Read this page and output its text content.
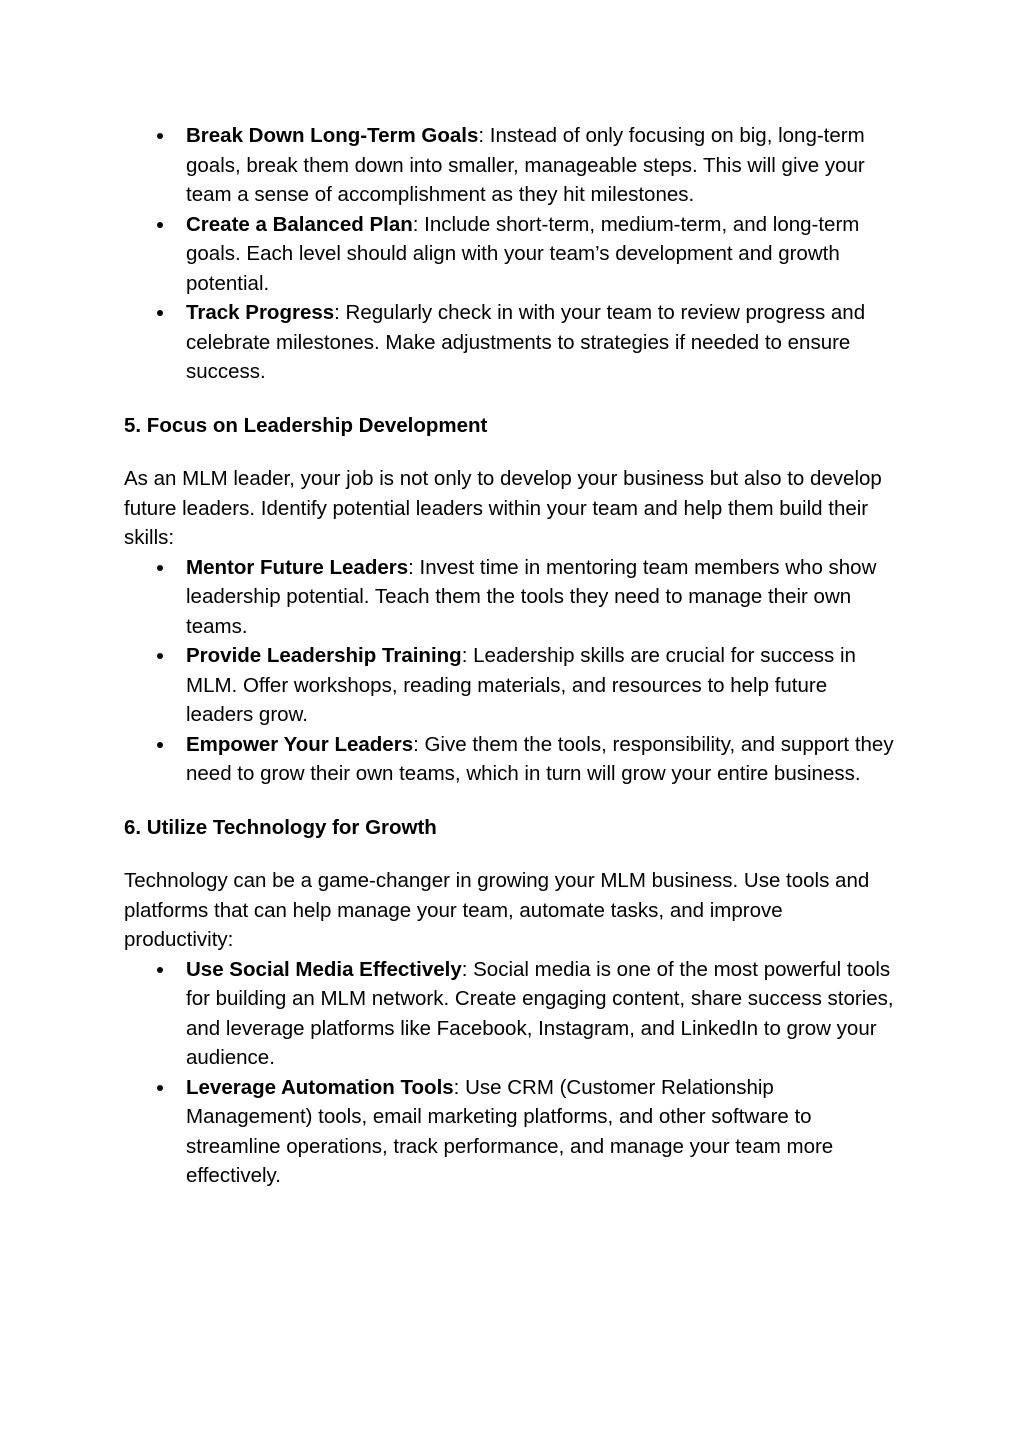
Break Down Long-Term Goals: Instead of only focusing on big, long-term goals, break them down into smaller, manageable steps. This will give your team a sense of accomplishment as they hit milestones.
Create a Balanced Plan: Include short-term, medium-term, and long-term goals. Each level should align with your team’s development and growth potential.
Track Progress: Regularly check in with your team to review progress and celebrate milestones. Make adjustments to strategies if needed to ensure success.
5. Focus on Leadership Development
As an MLM leader, your job is not only to develop your business but also to develop future leaders. Identify potential leaders within your team and help them build their skills:
Mentor Future Leaders: Invest time in mentoring team members who show leadership potential. Teach them the tools they need to manage their own teams.
Provide Leadership Training: Leadership skills are crucial for success in MLM. Offer workshops, reading materials, and resources to help future leaders grow.
Empower Your Leaders: Give them the tools, responsibility, and support they need to grow their own teams, which in turn will grow your entire business.
6. Utilize Technology for Growth
Technology can be a game-changer in growing your MLM business. Use tools and platforms that can help manage your team, automate tasks, and improve productivity:
Use Social Media Effectively: Social media is one of the most powerful tools for building an MLM network. Create engaging content, share success stories, and leverage platforms like Facebook, Instagram, and LinkedIn to grow your audience.
Leverage Automation Tools: Use CRM (Customer Relationship Management) tools, email marketing platforms, and other software to streamline operations, track performance, and manage your team more effectively.
